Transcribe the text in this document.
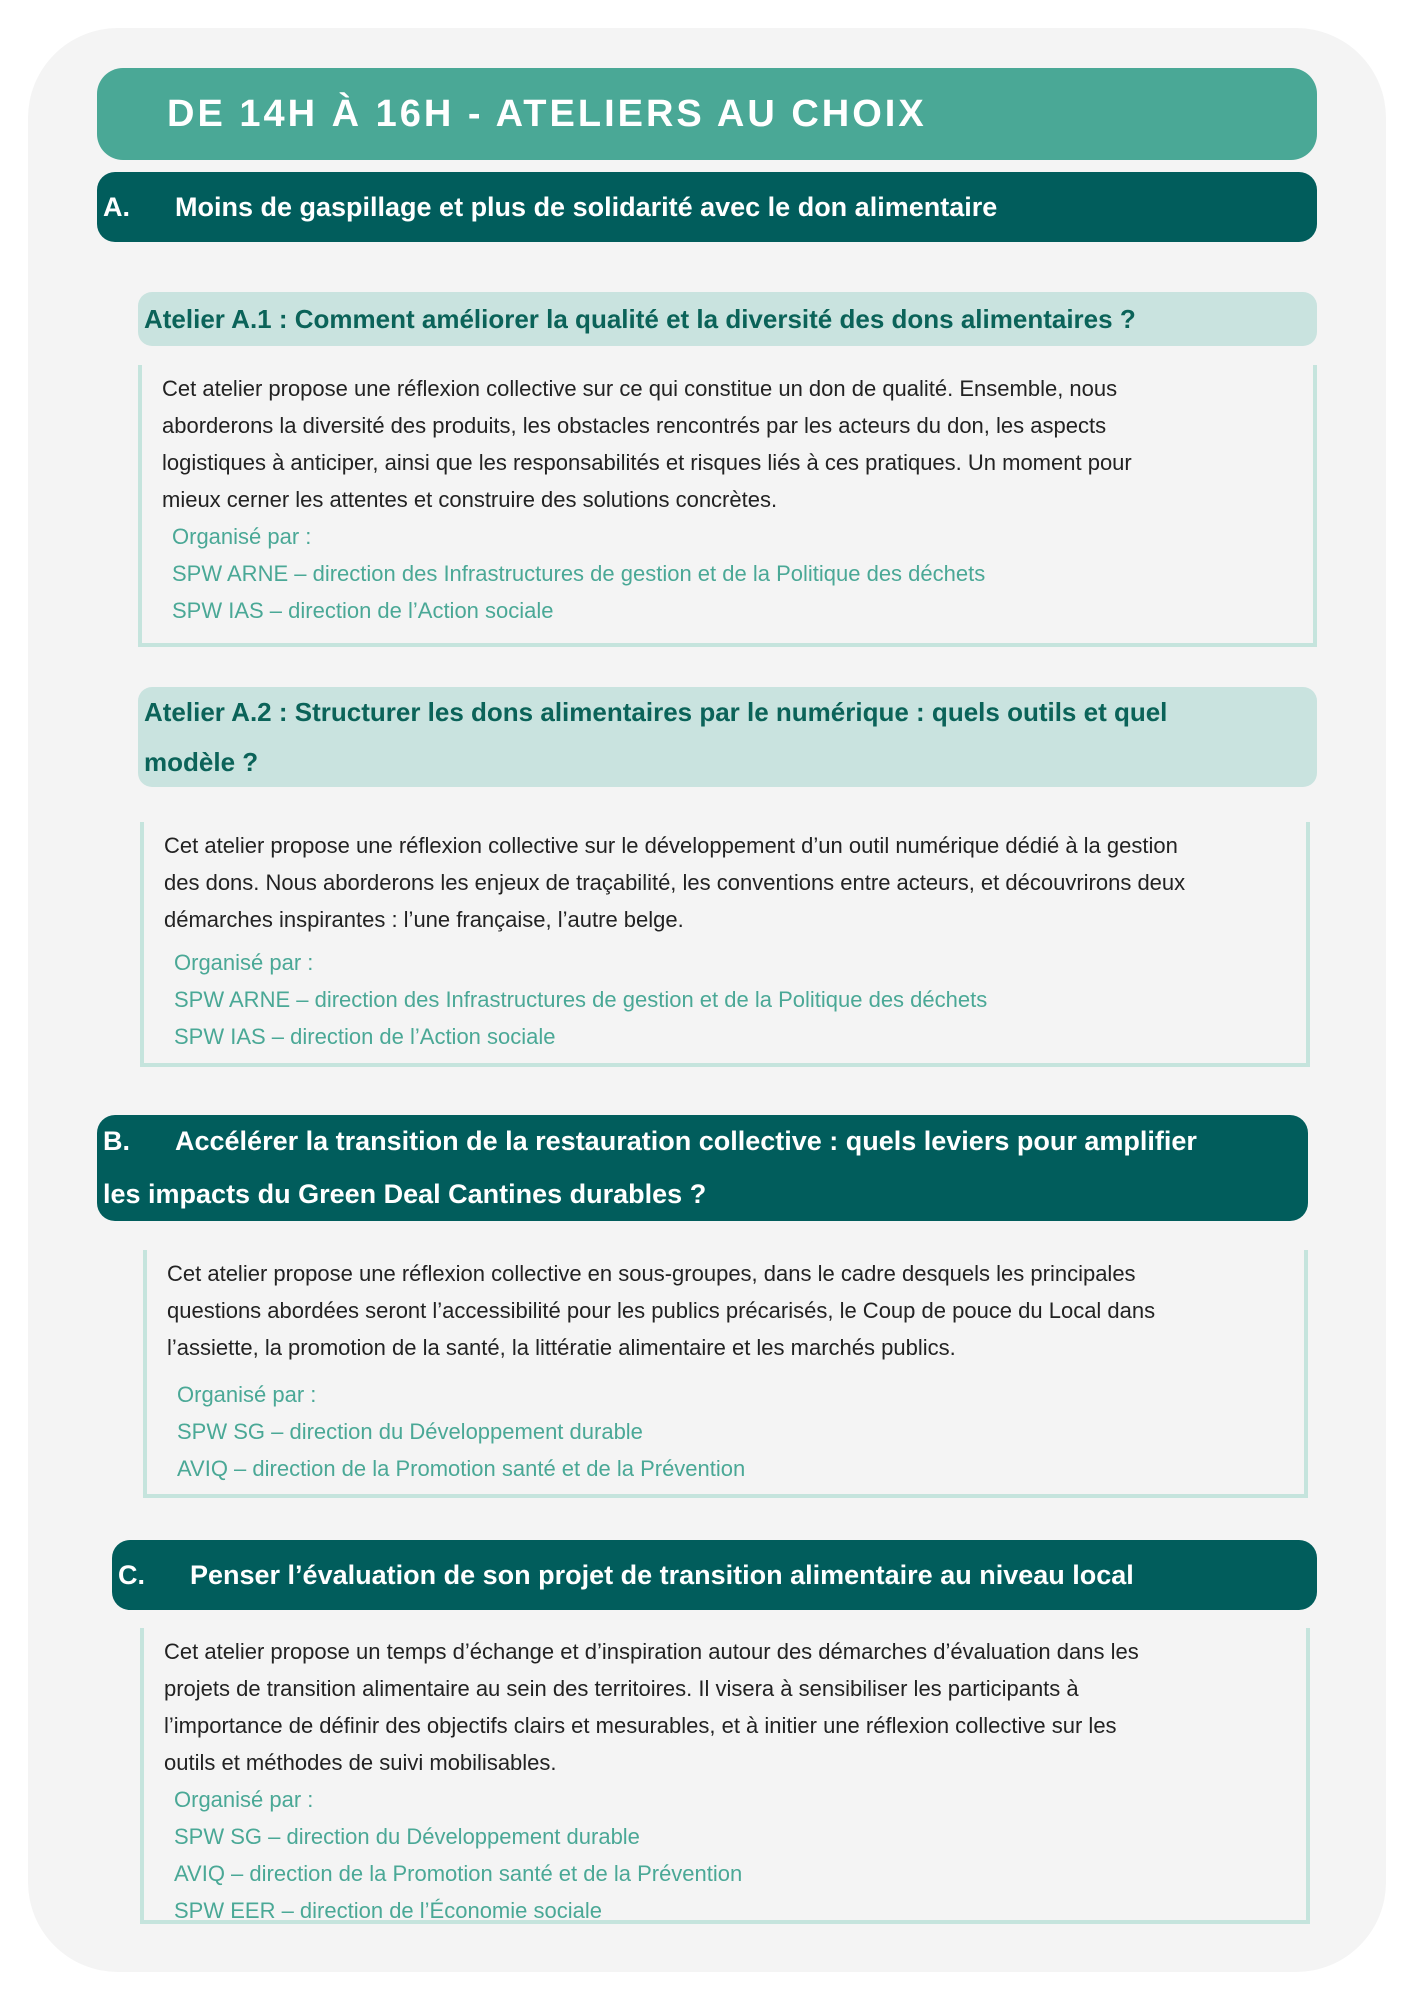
DE 14H À 16H - ATELIERS AU CHOIX
A. Moins de gaspillage et plus de solidarité avec le don alimentaire
Atelier A.1 : Comment améliorer la qualité et la diversité des dons alimentaires ?

Cet atelier propose une réflexion collective sur ce qui constitue un don de qualité. Ensemble, nous

aborderons la diversité des produits, les obstacles rencontrés par les acteurs du don, les aspects

logistiques à anticiper, ainsi que les responsabilités et risques liés à ces pratiques. Un moment pour

mieux cerner les attentes et construire des solutions concrètes.

Organisé par :

SPW ARNE – direction des Infrastructures de gestion et de la Politique des déchets

SPW IAS – direction de l’Action sociale

Atelier A.2 : Structurer les dons alimentaires par le numérique : quels outils et quel
modèle ?

Cet atelier propose une réflexion collective sur le développement d’un outil numérique dédié à la gestion

des dons. Nous aborderons les enjeux de traçabilité, les conventions entre acteurs, et découvrirons deux

démarches inspirantes : l’une française, l’autre belge.

Organisé par :

SPW ARNE – direction des Infrastructures de gestion et de la Politique des déchets

SPW IAS – direction de l’Action sociale

B. Accélérer la transition de la restauration collective : quels leviers pour amplifier
les impacts du Green Deal Cantines durables ?

Cet atelier propose une réflexion collective en sous-groupes, dans le cadre desquels les principales

questions abordées seront l’accessibilité pour les publics précarisés, le Coup de pouce du Local dans

l’assiette, la promotion de la santé, la littératie alimentaire et les marchés publics.

Organisé par :

SPW SG – direction du Développement durable

AVIQ – direction de la Promotion santé et de la Prévention

C. Penser l’évaluation de son projet de transition alimentaire au niveau local

Cet atelier propose un temps d’échange et d’inspiration autour des démarches d’évaluation dans les

projets de transition alimentaire au sein des territoires. Il visera à sensibiliser les participants à

l’importance de définir des objectifs clairs et mesurables, et à initier une réflexion collective sur les

outils et méthodes de suivi mobilisables.

Organisé par :

SPW SG – direction du Développement durable

AVIQ – direction de la Promotion santé et de la Prévention

SPW EER – direction de l’Économie sociale
